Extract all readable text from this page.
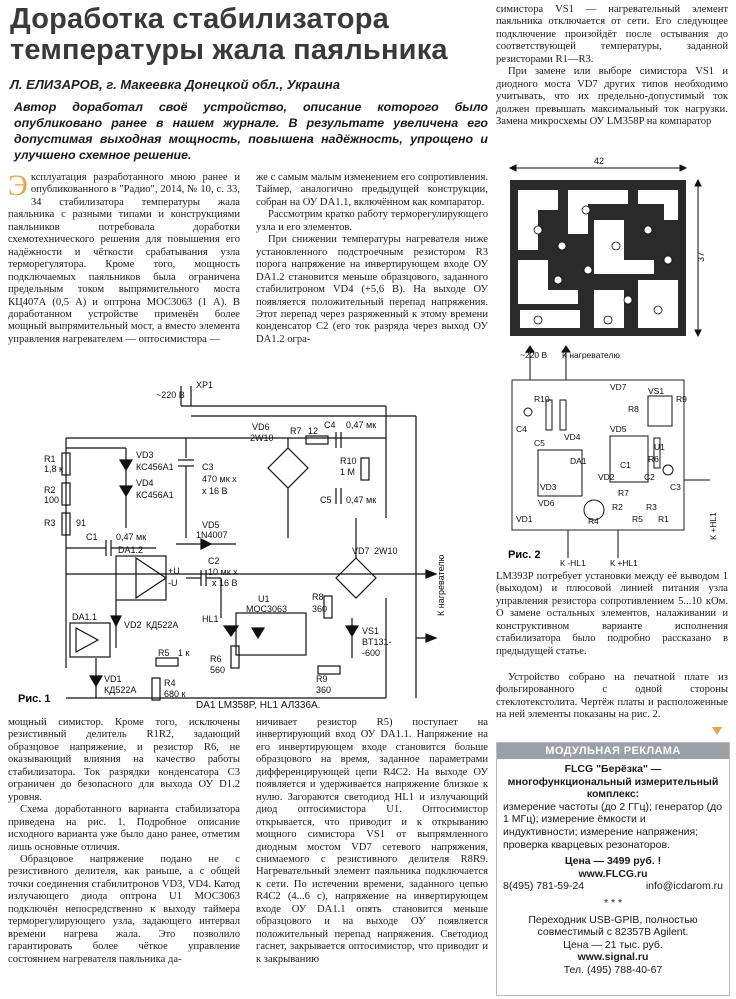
Доработка стабилизатора
температуры жала паяльника
Л. ЕЛИЗАРОВ, г. Макеевка Донецкой обл., Украина
Автор доработал своё устройство, описание которого было опубликовано ранее в нашем журнале. В результате увеличена его допустимая выходная мощность, повышена надёжность, упрощено и улучшено схемное решение.

Эксплуатация разработанного мною ранее и опубликованного в "Радио", 2014, № 10, с. 33, 34 стабилизатора температуры жала паяльника с разными типами и конструкциями паяльников потребовала доработки схемотехнического решения для повышения его надёжности и чёткости срабатывания узла терморегулятора. Кроме того, мощность подключаемых паяльников была ограничена предельным током выпрямительного моста КЦ407А (0,5 А) и оптрона МОС3063 (1 А). В доработанном устройстве применён более мощный выпрямительный мост, а вместо элемента управления нагревателем — оптосимистора —

же с самым малым изменением его сопротивления. Таймер, аналогично предыдущей конструкции, собран на ОУ DA1.1, включённом как компаратор.

Рассмотрим кратко работу терморегулирующего узла и его элементов.

При снижении температуры нагревателя ниже установленного подстроечным резистором R3 порога напряжение на инвертирующем входе ОУ DA1.2 становится меньше образцового, заданного стабилитроном VD4 (+5,6 В). На выходе ОУ появляется положительный перепад напряжения. Этот перепад через разряженный к этому времени конденсатор С2 (его ток разряда через выход ОУ DA1.2 огра-

XP1
~220 В
К нагревателю
R1
1,8 к
R2
100
R3 91
VD3
КС456А1
VD4
КС456А1
C1 0,47 мк
C3
470 мк х
х 16 В
VD5
1N4007
VD6
2W10
R7 12
C4 0,47 мк
R10
1 М
C5 0,47 мк
VD7 2W10
DA1.2
+U
-U
C2
10 мк х
х 16 В
DA1.1
VD2 КД522А
HL1
U1
МОС3063
R8
360
VS1
BT131-
-600
R6
560
R5 1 к
R4
680 к
R9
360
VD1
КД522А
Рис. 1
DA1 LM358P, HL1 АЛ336А.

мощный симистор. Кроме того, исключены резистивный делитель R1R2, задающий образцовое напряжение, и резистор R6, не оказывающий влияния на качество работы стабилизатора. Ток разрядки конденсатора С3 ограничен до безопасного для выхода ОУ D1.2 уровня.

Схема доработанного варианта стабилизатора приведена на рис. 1. Подробное описание исходного варианта уже было дано ранее, отметим лишь основные отличия.

Образцовое напряжение подано не с резистивного делителя, как раньше, а с общей точки соединения стабилитронов VD3, VD4. Катод излучающего диода оптрона U1 МОС3063 подключён непосредственно к выходу таймера терморегулирующего узла, задающего интервал времени нагрева жала. Это позволило гарантировать более чёткое управление состоянием нагревателя паяльника да-

ничивает резистор R5) поступает на инвертирующий вход ОУ DA1.1. Напряжение на его инвертирующем входе становится больше образцового на время, заданное параметрами дифференцирующей цепи R4C2. На выходе ОУ появляется и удерживается напряжение близкое к нулю. Загораются светодиод HL1 и излучающий диод оптосимистора U1. Оптосимистор открывается, что приводит и к открыванию мощного симистора VS1 от выпрямленного диодным мостом VD7 сетевого напряжения, снимаемого с резистивного делителя R8R9. Нагревательный элемент паяльника подключается к сети. По истечении времени, заданного цепью R4C2 (4...6 с), напряжение на инвертирующем входе ОУ DA1.1 опять становится меньше образцового и на выходе ОУ появляется положительный перепад напряжения. Светодиод гаснет, закрывается оптосимистор, что приводит и к закрыванию

симистора VS1 — нагревательный элемент паяльника отключается от сети. Его следующее подключение произойдёт после остывания до соответствующей температуры, заданной резисторами R1—R3.

При замене или выборе симистора VS1 и диодного моста VD7 других типов необходимо учитывать, что их предельно-допустимый ток должен превышать максимальный ток нагрузки. Замена микросхемы ОУ LM358P на компаратор

42
37
~220 В К нагревателю
VD7	VS1
R9
R8
R10
C4
C5
VD4
VD5
DA1
U1
VD3
VD2
C1
C2
R6
R7
C3
R4
R2
VD6
R5
R3
R1
VD1
Рис. 2
К -HL1	К +HL1
К +HL1

LM393P потребует установки между её выводом 1 (выходом) и плюсовой линией питания узла управления резистора сопротивлением 5...10 кОм. О замене остальных элементов, налаживании и конструктивном варианте исполнения стабилизатора было подробно рассказано в предыдущей статье.

Устройство собрано на печатной плате из фольгированного с одной стороны стеклотекстолита. Чертёж платы и расположенные на ней элементы показаны на рис. 2.

МОДУЛЬНАЯ РЕКЛАМА
FLCG "Берёзка" — многофункциональный измерительный комплекс:
измерение частоты (до 2 ГГц); генератор (до 1 МГц); измерение ёмкости и индуктивности; измерение напряжения; проверка кварцевых резонаторов.
Цена — 3499 руб. !
www.FLCG.ru
8(495) 781-59-24	info@icdarom.ru
* * *
Переходник USB-GPIB, полностью совместимый с 82357B Agilent.
Цена — 21 тыс. руб.
www.signal.ru
Тел. (495) 788-40-67
